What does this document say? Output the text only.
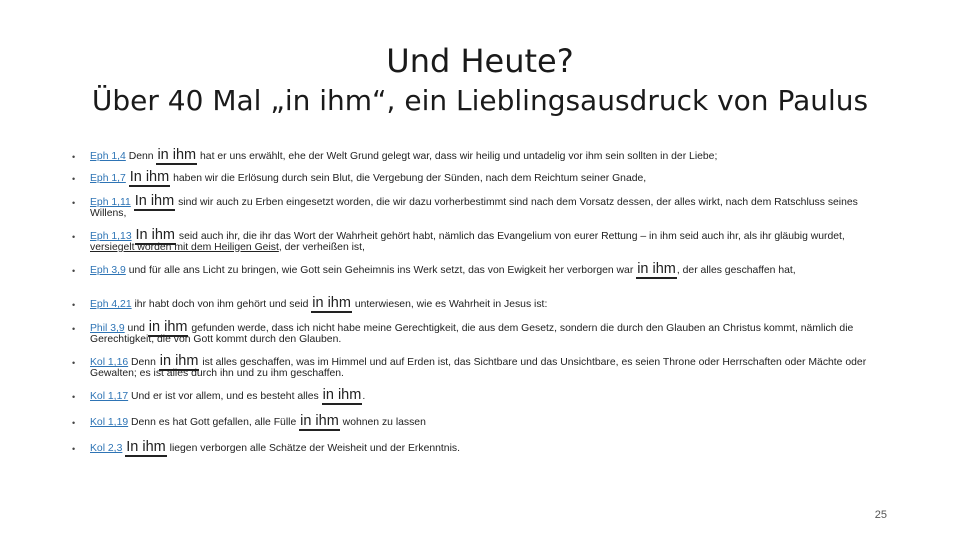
Und Heute?
Über 40 Mal „in ihm“, ein Lieblingsausdruck von Paulus
• Eph 1,4 Denn in ihm hat er uns erwählt, ehe der Welt Grund gelegt war, dass wir heilig und untadelig vor ihm sein sollten in der Liebe;
• Eph 1,7 In ihm haben wir die Erlösung durch sein Blut, die Vergebung der Sünden, nach dem Reichtum seiner Gnade,
• Eph 1,11 In ihm sind wir auch zu Erben eingesetzt worden, die wir dazu vorherbestimmt sind nach dem Vorsatz dessen, der alles wirkt, nach dem Ratschluss seines Willens,
• Eph 1,13 In ihm seid auch ihr, die ihr das Wort der Wahrheit gehört habt, nämlich das Evangelium von eurer Rettung – in ihm seid auch ihr, als ihr gläubig wurdet, versiegelt worden mit dem Heiligen Geist, der verheißen ist,
• Eph 3,9 und für alle ans Licht zu bringen, wie Gott sein Geheimnis ins Werk setzt, das von Ewigkeit her verborgen war in ihm, der alles geschaffen hat,
• Eph 4,21 ihr habt doch von ihm gehört und seid in ihm unterwiesen, wie es Wahrheit in Jesus ist:
• Phil 3,9 und in ihm gefunden werde, dass ich nicht habe meine Gerechtigkeit, die aus dem Gesetz, sondern die durch den Glauben an Christus kommt, nämlich die Gerechtigkeit, die von Gott kommt durch den Glauben.
• Kol 1,16 Denn in ihm ist alles geschaffen, was im Himmel und auf Erden ist, das Sichtbare und das Unsichtbare, es seien Throne oder Herrschaften oder Mächte oder Gewalten; es ist alles durch ihn und zu ihm geschaffen.
• Kol 1,17 Und er ist vor allem, und es besteht alles in ihm.
• Kol 1,19 Denn es hat Gott gefallen, alle Fülle in ihm wohnen zu lassen
• Kol 2,3 In ihm liegen verborgen alle Schätze der Weisheit und der Erkenntnis.
25
